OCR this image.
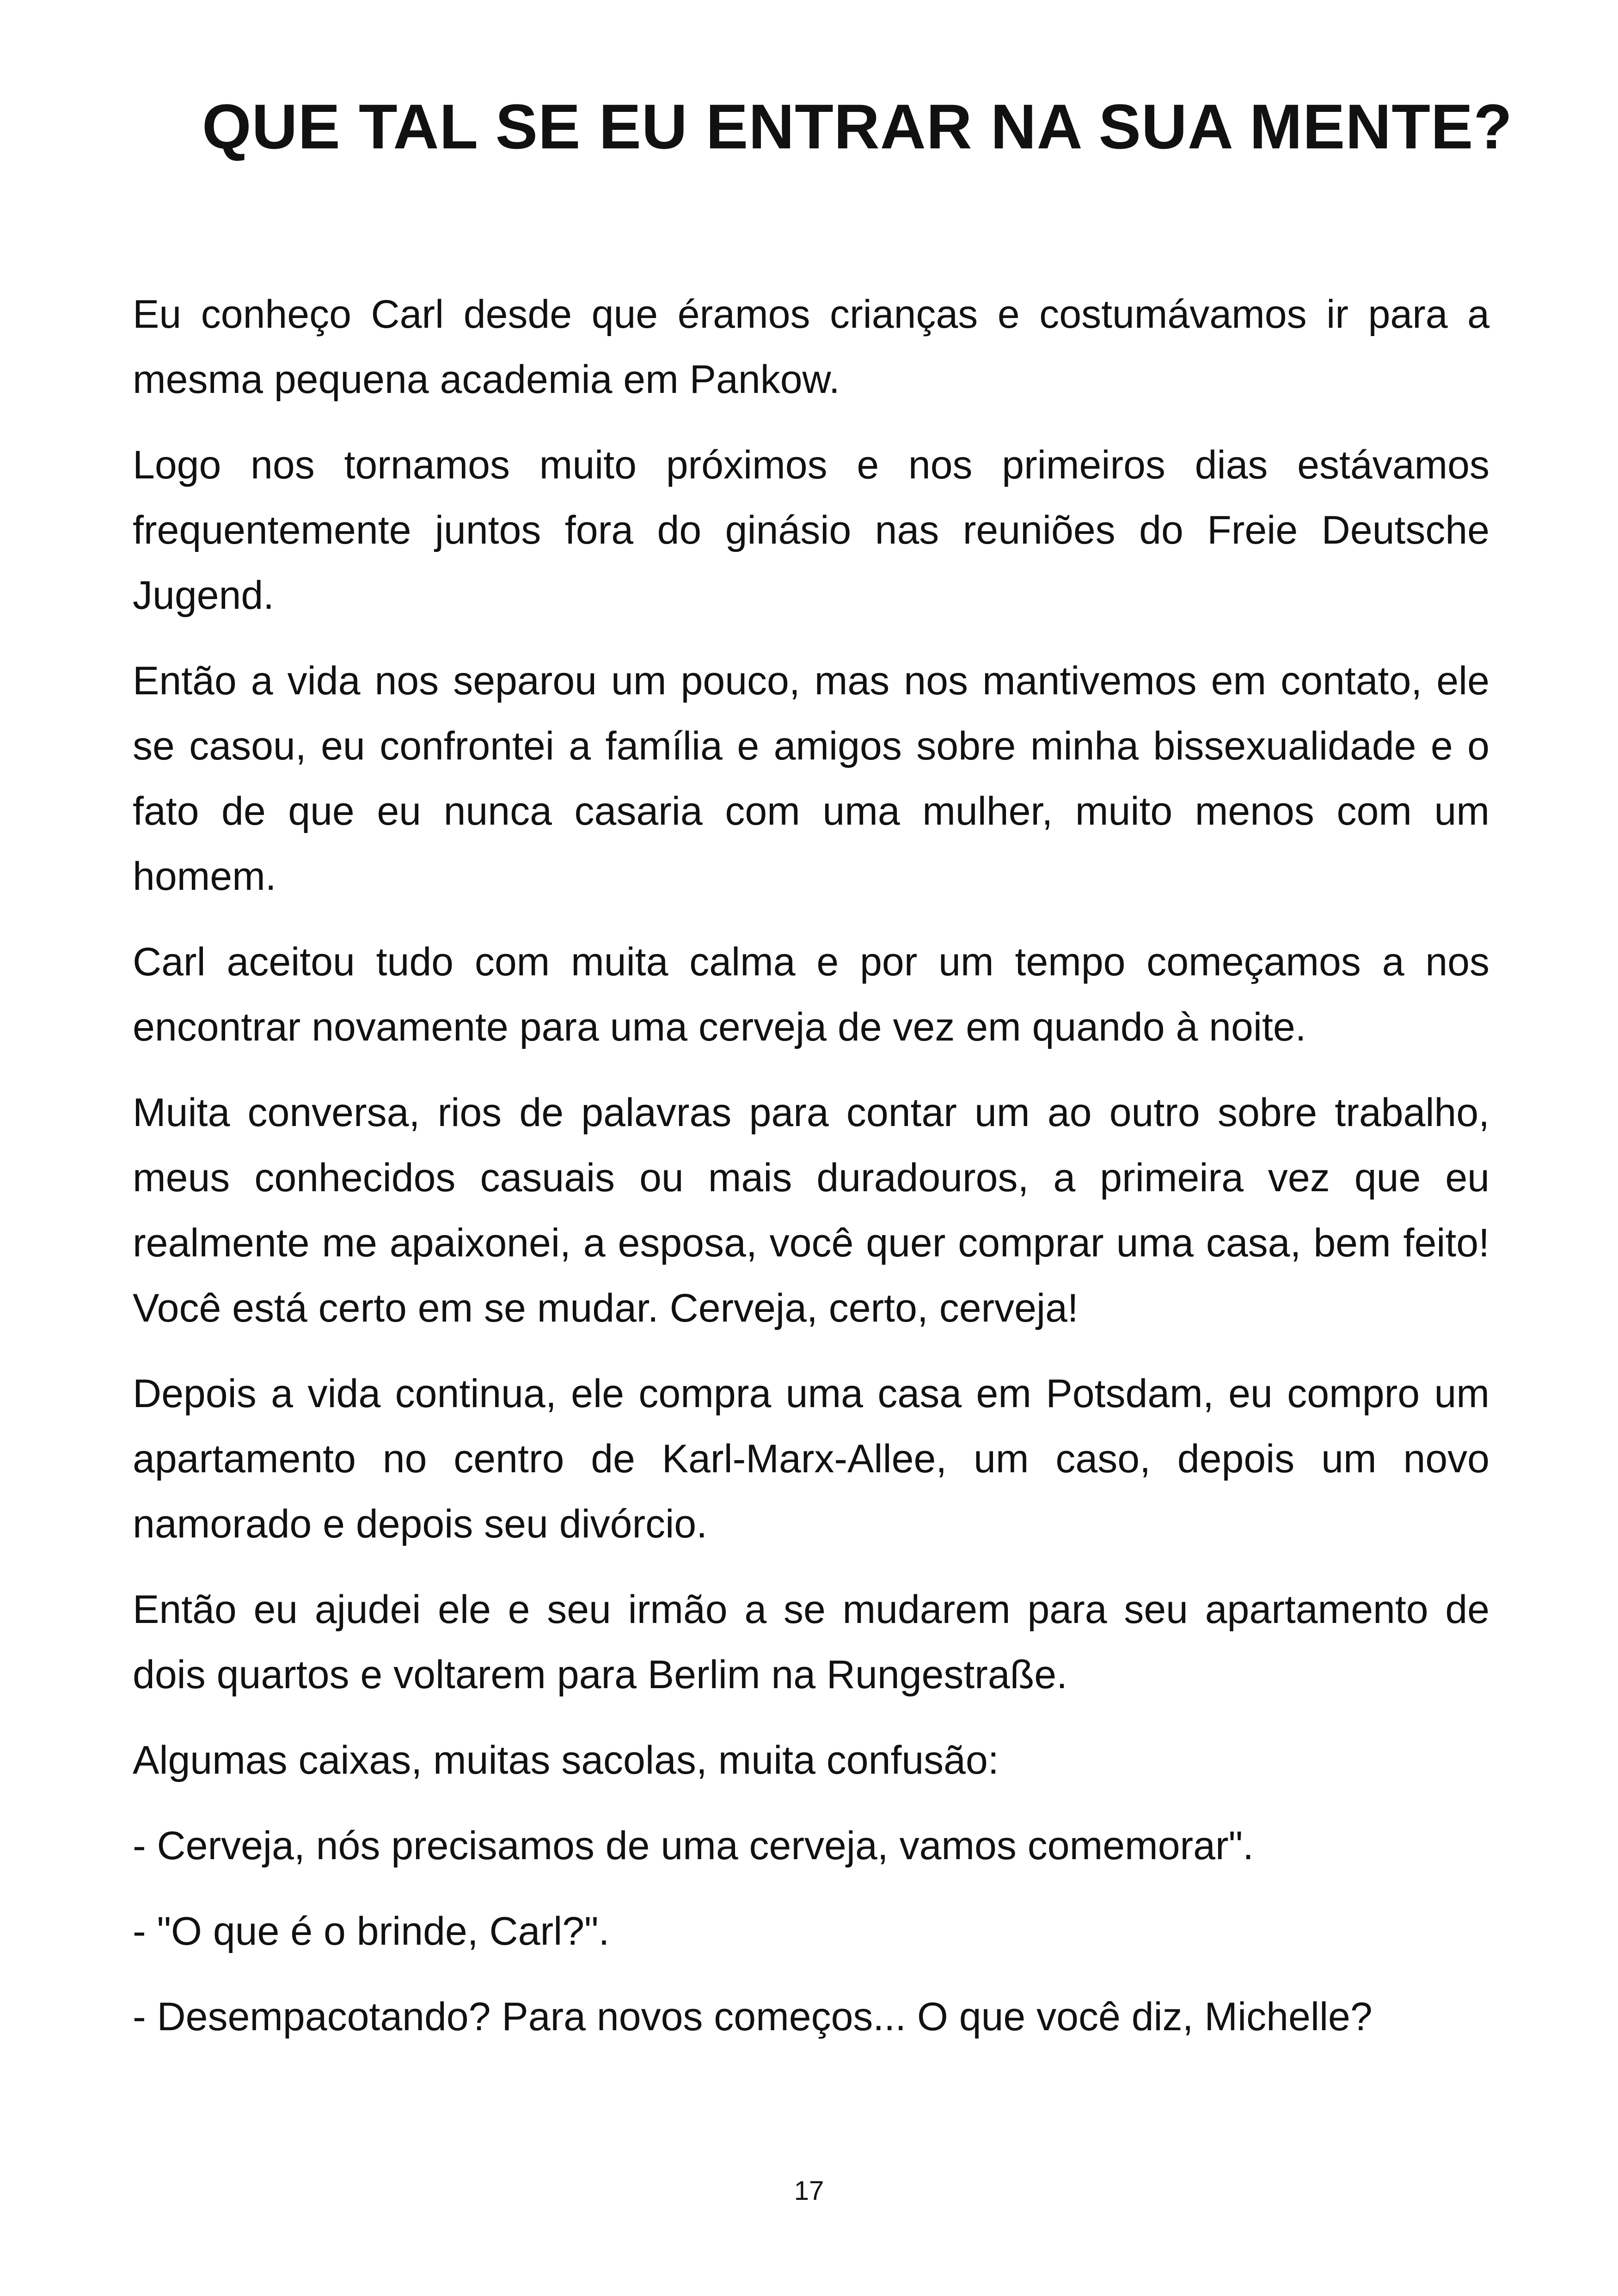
QUE TAL SE EU ENTRAR NA SUA MENTE?

Eu conheço Carl desde que éramos crianças e costumávamos ir para a mesma pequena academia em Pankow.

Logo nos tornamos muito próximos e nos primeiros dias estávamos frequentemente juntos fora do ginásio nas reuniões do Freie Deutsche Jugend.

Então a vida nos separou um pouco, mas nos mantivemos em contato, ele se casou, eu confrontei a família e amigos sobre minha bissexualidade e o fato de que eu nunca casaria com uma mulher, muito menos com um homem.

Carl aceitou tudo com muita calma e por um tempo começamos a nos encontrar novamente para uma cerveja de vez em quando à noite.

Muita conversa, rios de palavras para contar um ao outro sobre trabalho, meus conhecidos casuais ou mais duradouros, a primeira vez que eu realmente me apaixonei, a esposa, você quer comprar uma casa, bem feito! Você está certo em se mudar. Cerveja, certo, cerveja!

Depois a vida continua, ele compra uma casa em Potsdam, eu compro um apartamento no centro de Karl-Marx-Allee, um caso, depois um novo namorado e depois seu divórcio.

Então eu ajudei ele e seu irmão a se mudarem para seu apartamento de dois quartos e voltarem para Berlim na Rungestraße.

Algumas caixas, muitas sacolas, muita confusão:

- Cerveja, nós precisamos de uma cerveja, vamos comemorar".

- "O que é o brinde, Carl?".

- Desempacotando? Para novos começos... O que você diz, Michelle?

17
